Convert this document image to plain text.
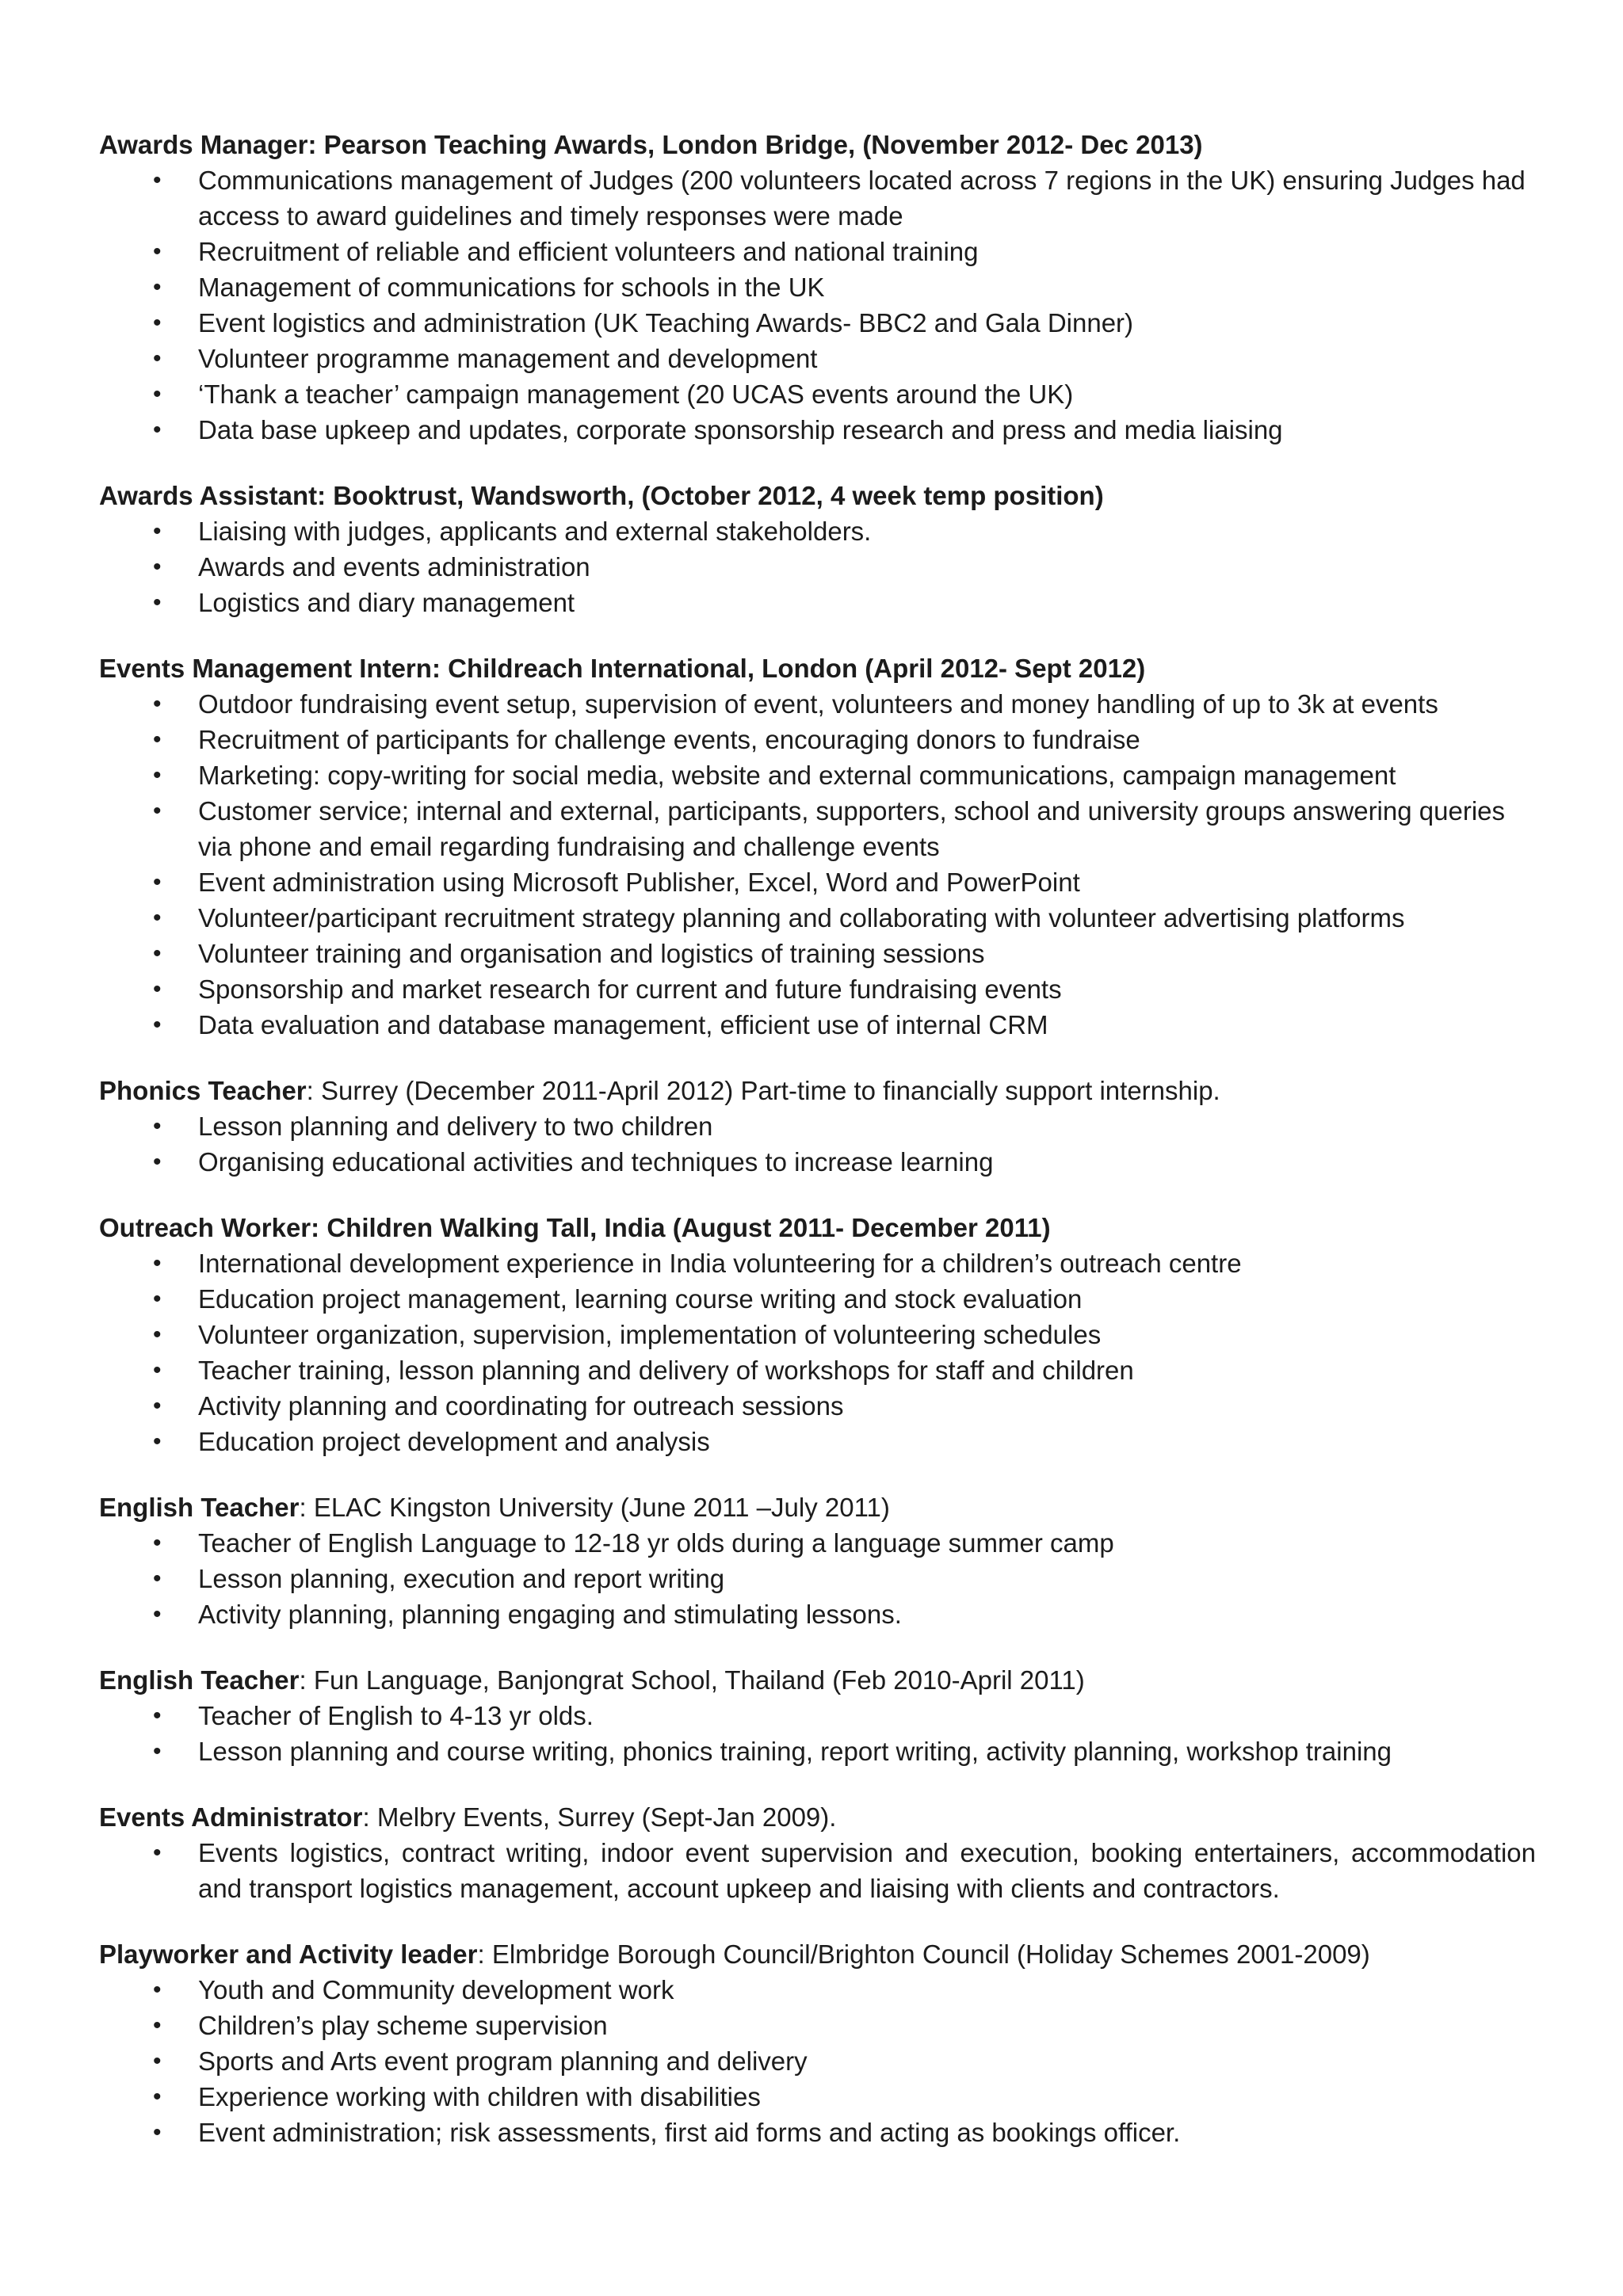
Awards Manager: Pearson Teaching Awards, London Bridge, (November 2012- Dec 2013)
• Communications management of Judges (200 volunteers located across 7 regions in the UK) ensuring Judges had access to award guidelines and timely responses were made
• Recruitment of reliable and efficient volunteers and national training
• Management of communications for schools in the UK
• Event logistics and administration (UK Teaching Awards- BBC2 and Gala Dinner)
• Volunteer programme management and development
• ‘Thank a teacher’ campaign management (20 UCAS events around the UK)
• Data base upkeep and updates, corporate sponsorship research and press and media liaising
Awards Assistant: Booktrust, Wandsworth, (October 2012, 4 week temp position)
• Liaising with judges, applicants and external stakeholders.
• Awards and events administration
• Logistics and diary management
Events Management Intern: Childreach International, London (April 2012- Sept 2012)
• Outdoor fundraising event setup, supervision of event, volunteers and money handling of up to 3k at events
• Recruitment of participants for challenge events, encouraging donors to fundraise
• Marketing: copy-writing for social media, website and external communications, campaign management
• Customer service; internal and external, participants, supporters, school and university groups answering queries via phone and email regarding fundraising and challenge events
• Event administration using Microsoft Publisher, Excel, Word and PowerPoint
• Volunteer/participant recruitment strategy planning and collaborating with volunteer advertising platforms
• Volunteer training and organisation and logistics of training sessions
• Sponsorship and market research for current and future fundraising events
• Data evaluation and database management, efficient use of internal CRM
Phonics Teacher: Surrey (December 2011-April 2012) Part-time to financially support internship.
• Lesson planning and delivery to two children
• Organising educational activities and techniques to increase learning
Outreach Worker: Children Walking Tall, India (August 2011- December 2011)
• International development experience in India volunteering for a children’s outreach centre
• Education project management, learning course writing and stock evaluation
• Volunteer organization, supervision, implementation of volunteering schedules
• Teacher training, lesson planning and delivery of workshops for staff and children
• Activity planning and coordinating for outreach sessions
• Education project development and analysis
English Teacher: ELAC Kingston University (June 2011 –July 2011)
• Teacher of English Language to 12-18 yr olds during a language summer camp
• Lesson planning, execution and report writing
• Activity planning, planning engaging and stimulating lessons.
English Teacher: Fun Language, Banjongrat School, Thailand (Feb 2010-April 2011)
• Teacher of English to 4-13 yr olds.
• Lesson planning and course writing, phonics training, report writing, activity planning, workshop training
Events Administrator: Melbry Events, Surrey (Sept-Jan 2009).
• Events logistics, contract writing, indoor event supervision and execution, booking entertainers, accommodation and transport logistics management, account upkeep and liaising with clients and contractors.
Playworker and Activity leader: Elmbridge Borough Council/Brighton Council (Holiday Schemes 2001-2009)
• Youth and Community development work
• Children’s play scheme supervision
• Sports and Arts event program planning and delivery
• Experience working with children with disabilities
• Event administration; risk assessments, first aid forms and acting as bookings officer.
